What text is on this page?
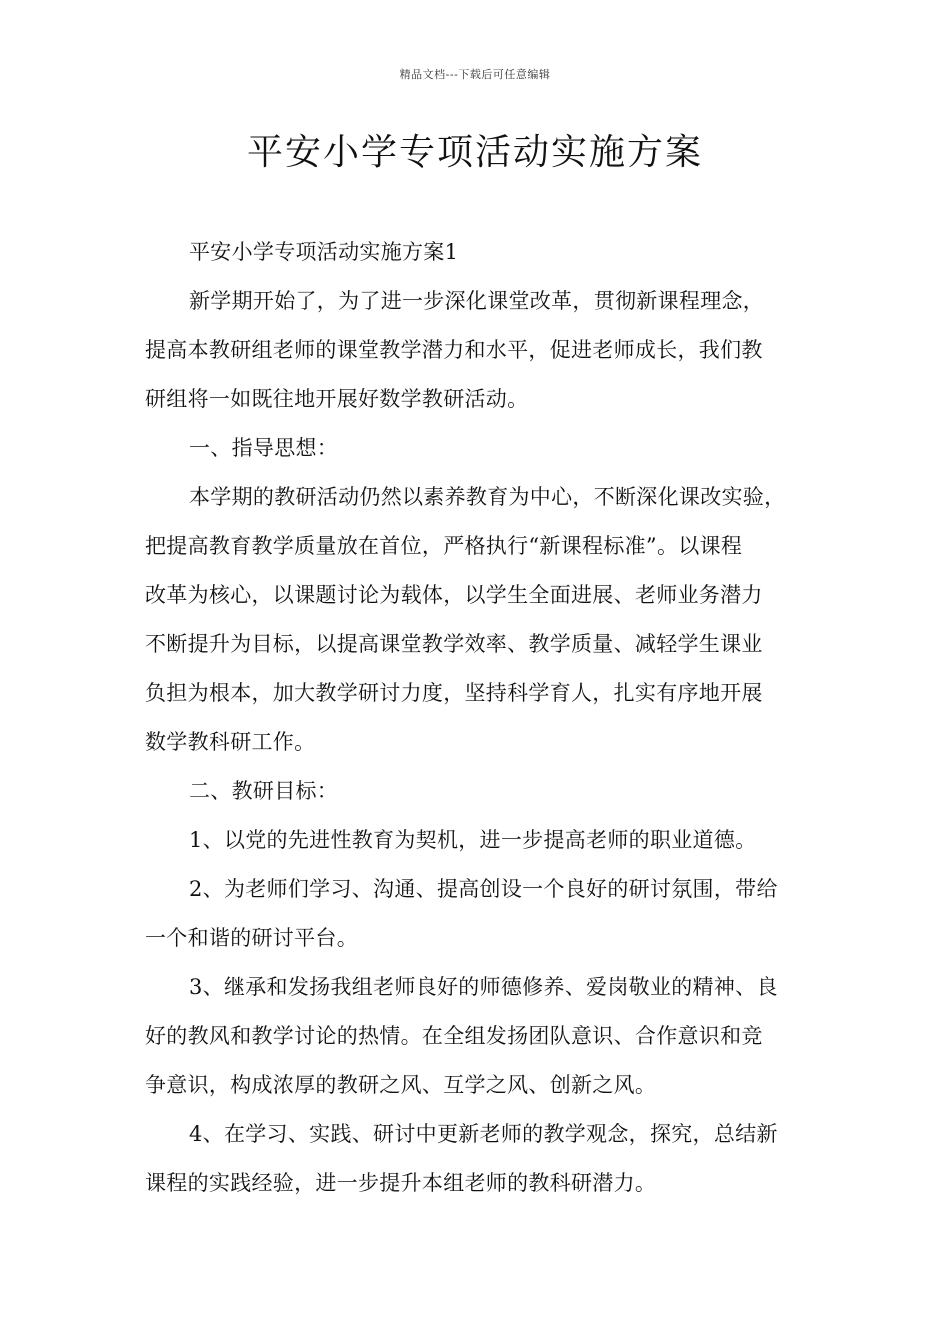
精品文档---下载后可任意编辑
平安小学专项活动实施方案
平安小学专项活动实施方案1
新学期开始了，为了进一步深化课堂改革，贯彻新课程理念，
提高本教研组老师的课堂教学潜力和水平，促进老师成长，我们教
研组将一如既往地开展好数学教研活动。
一、指导思想：
本学期的教研活动仍然以素养教育为中心，不断深化课改实验，
把提高教育教学质量放在首位，严格执行“新课程标准”。以课程
改革为核心，以课题讨论为载体，以学生全面进展、老师业务潜力
不断提升为目标，以提高课堂教学效率、教学质量、减轻学生课业
负担为根本，加大教学研讨力度，坚持科学育人，扎实有序地开展
数学教科研工作。
二、教研目标：
1、以党的先进性教育为契机，进一步提高老师的职业道德。
2、为老师们学习、沟通、提高创设一个良好的研讨氛围，带给
一个和谐的研讨平台。
3、继承和发扬我组老师良好的师德修养、爱岗敬业的精神、良
好的教风和教学讨论的热情。在全组发扬团队意识、合作意识和竞
争意识，构成浓厚的教研之风、互学之风、创新之风。
4、在学习、实践、研讨中更新老师的教学观念，探究，总结新
课程的实践经验，进一步提升本组老师的教科研潜力。
